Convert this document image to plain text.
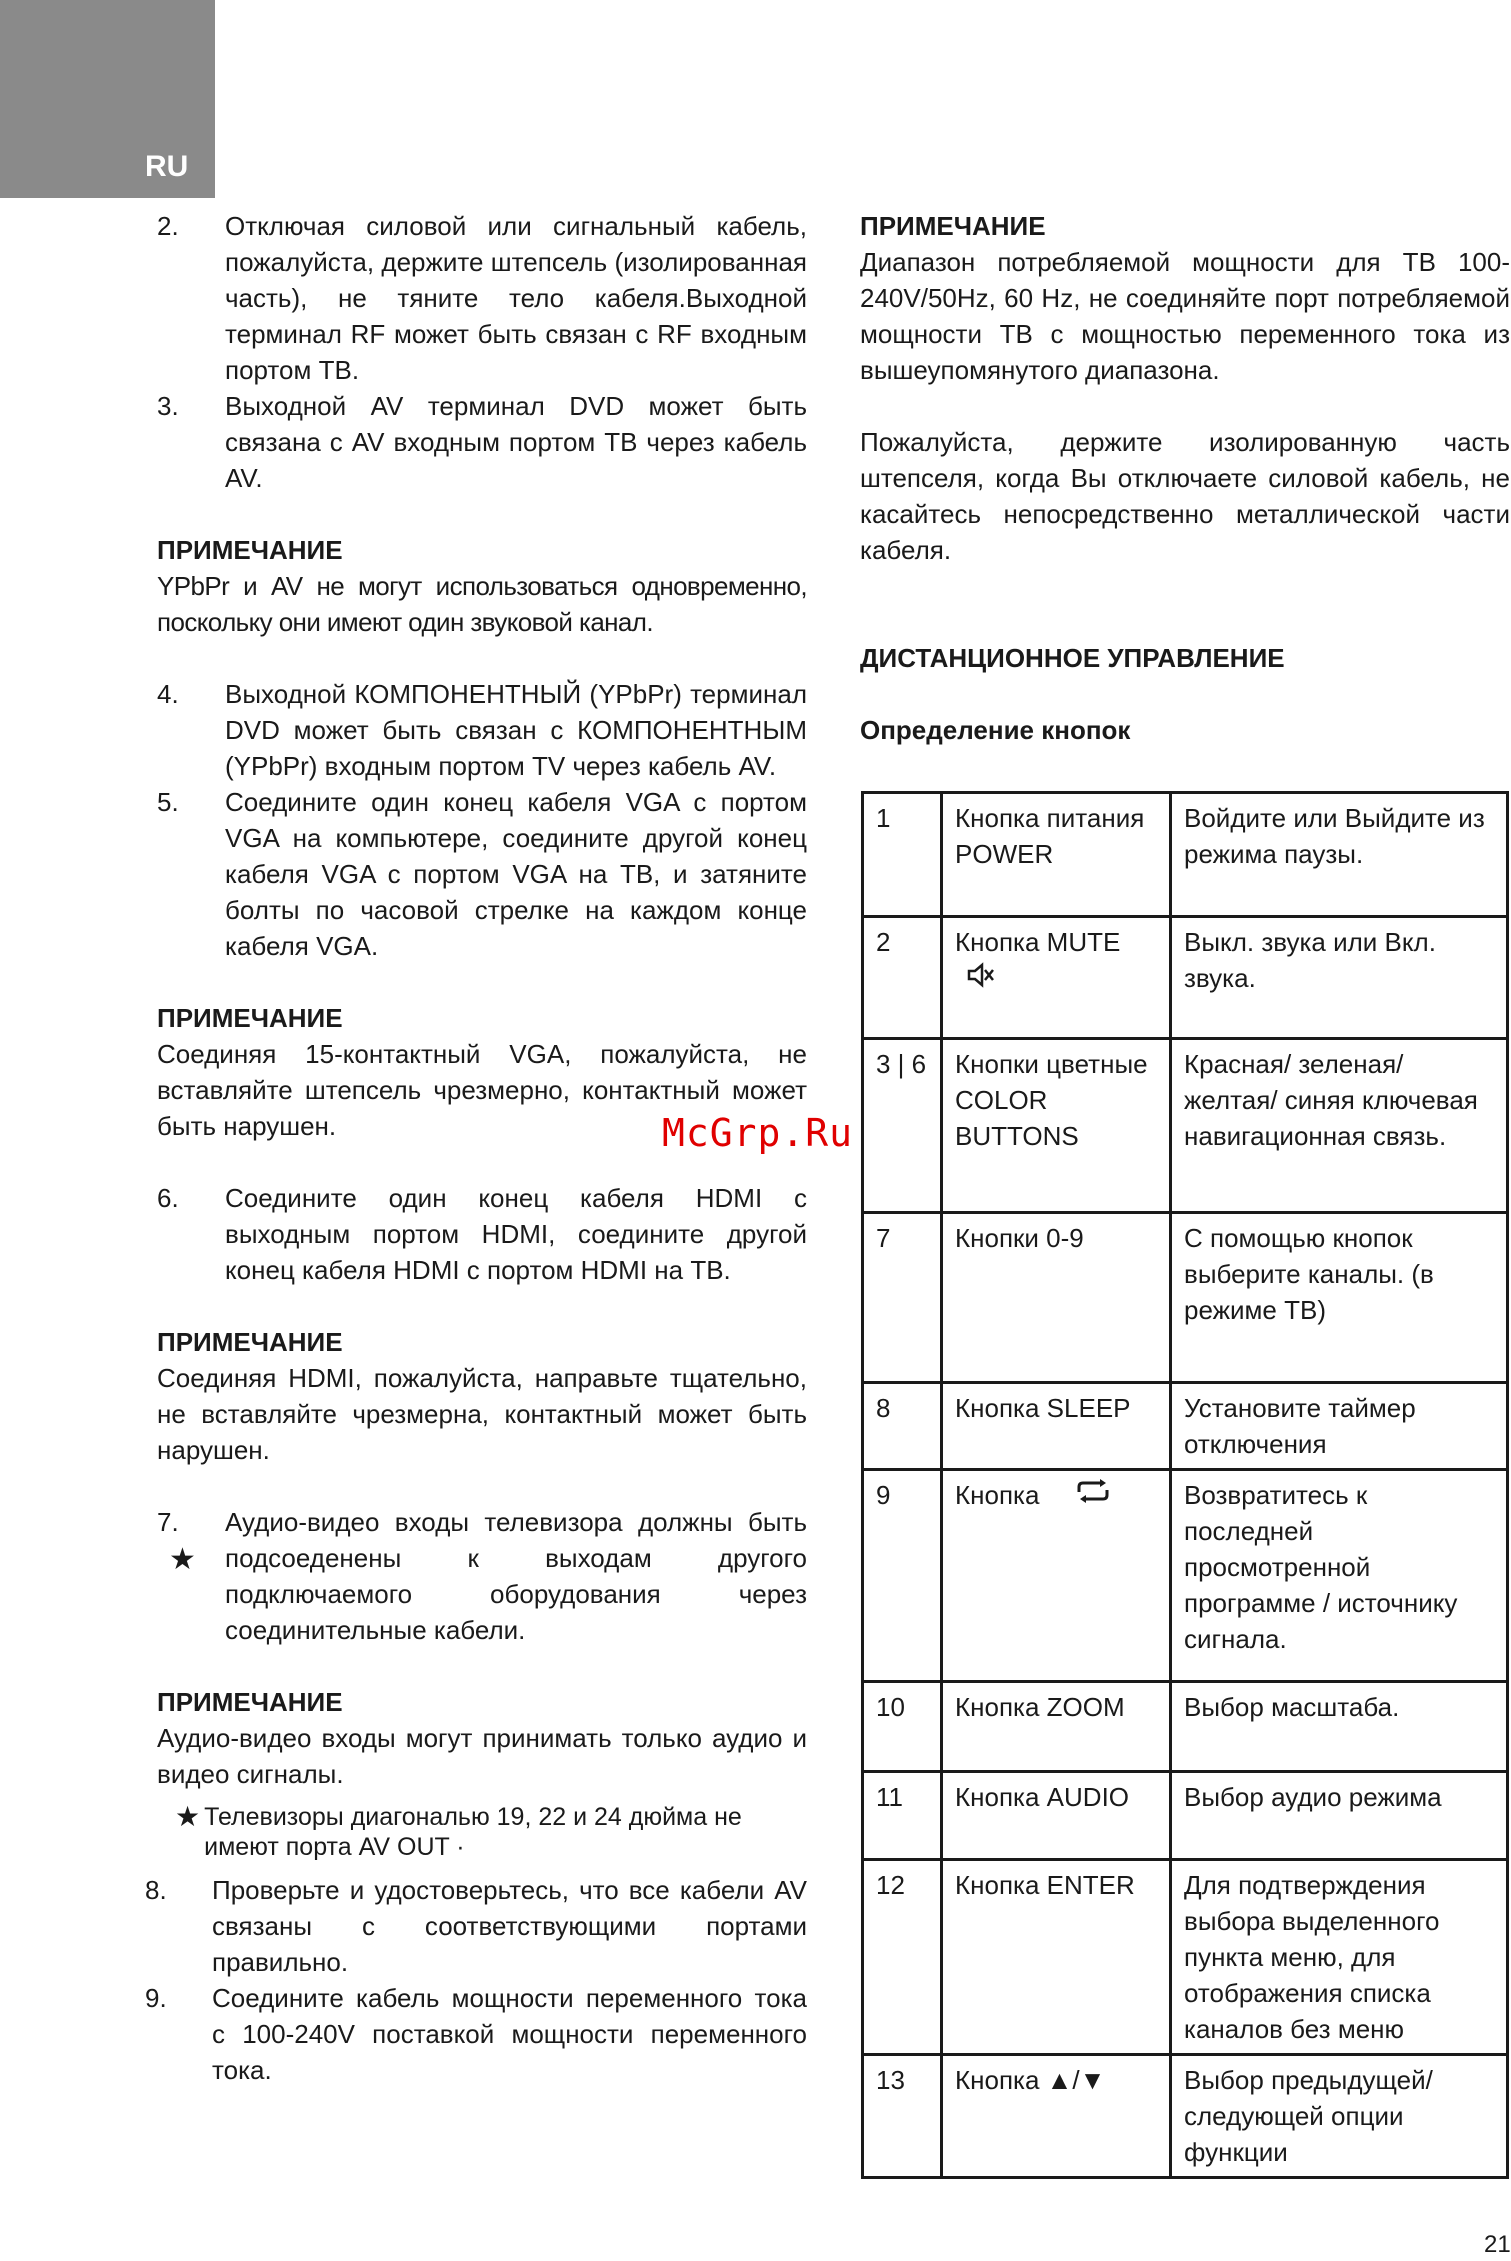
RU
2.	Отключая силовой или сигнальный кабель, пожалуйста, держите штепсель (изолированная часть), не тяните тело кабеля.Выходной терминал RF может быть связан с RF входным портом ТВ.
3.	Выходной AV терминал DVD может быть связана с AV входным портом ТВ через кабель AV.
ПРИМЕЧАНИЕ
YPbPr и AV не могут использоваться одновременно, поскольку они имеют один звуковой канал.
4.	Выходной КОМПОНЕНТНЫЙ (YPbPr) терминал DVD может быть связан с КОМПОНЕНТНЫМ (YPbPr) входным портом TV через кабель AV.
5.	Соедините один конец кабеля VGA с портом VGA на компьютере, соедините другой конец кабеля VGA с портом VGA на ТВ, и затяните болты по часовой стрелке на каждом конце кабеля VGA.
ПРИМЕЧАНИЕ
Соединяя 15-контактный VGA, пожалуйста, не вставляйте штепсель чрезмерно, контактный может быть нарушен.
6.	Соедините один конец кабеля HDMI с выходным портом HDMI, соедините другой конец кабеля HDMI с портом HDMI на ТВ.
ПРИМЕЧАНИЕ
Соединяя HDMI, пожалуйста, направьте тщательно, не вставляйте чрезмерна, контактный может быть нарушен.
7.	Аудио-видео входы телевизора должны быть подсоеденены к выходам другого подключаемого оборудования через соединительные кабели.
★
ПРИМЕЧАНИЕ
Аудио-видео входы могут принимать только аудио и видео сигналы.
★ Телевизоры диагональю 19, 22 и 24 дюйма не имеют порта AV OUT ·
8.	Проверьте и удостоверьтесь, что все кабели AV связаны с соответствующими портами правильно.
9.	Соедините кабель мощности переменного тока с 100-240V поставкой мощности переменного тока.
ПРИМЕЧАНИЕ
Диапазон потребляемой мощности для ТВ 100-240V/50Hz, 60 Hz, не соединяйте порт потребляемой мощности ТВ с мощностью переменного тока из вышеупомянутого диапазона.
Пожалуйста, держите изолированную часть штепселя, когда Вы отключаете силовой кабель, не касайтесь непосредственно металлической части кабеля.
ДИСТАНЦИОННОЕ УПРАВЛЕНИЕ
Определение кнопок
1	Кнопка питания POWER	Войдите или Выйдите из режима паузы.
2	Кнопка MUTE	Выкл. звука или Вкл. звука.
3 | 6	Кнопки цветные COLOR BUTTONS	Красная/ зеленая/желтая/ синяя ключевая навигационная связь.
7	Кнопки 0-9	С помощью кнопок выберите каналы. (в режиме ТВ)
8	Кнопка SLEEP	Установите таймер отключения
9	Кнопка	Возвратитесь к последней просмотренной программе / источнику сигнала.
10	Кнопка ZOOM	Выбор масштаба.
11	Кнопка AUDIO	Выбор аудио режима
12	Кнопка ENTER	Для подтверждения выбора выделенного пункта меню, для отображения списка каналов без меню
13	Кнопка ▲/▼	Выбор предыдущей/ следующей опции функции
McGrp.Ru
21
